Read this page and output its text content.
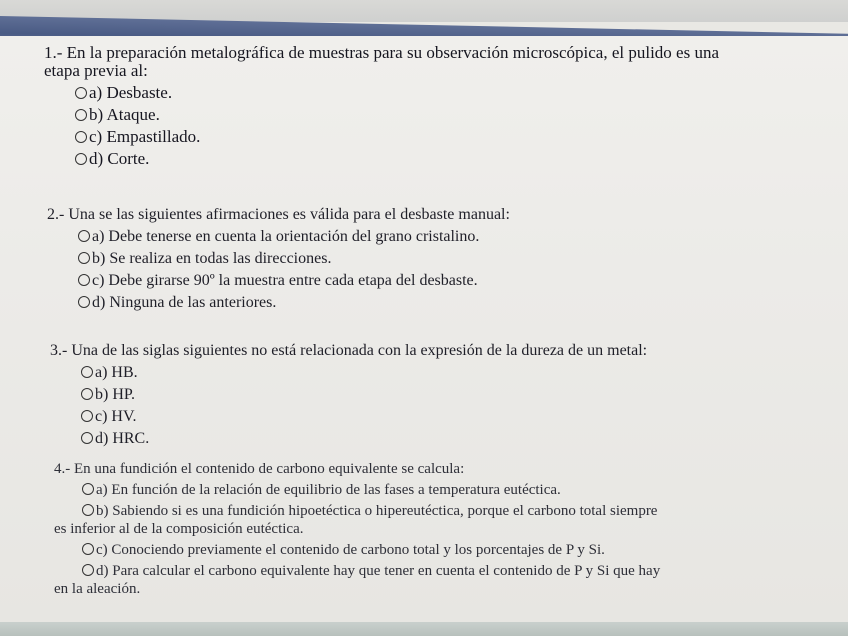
1.- En la preparación metalográfica de muestras para su observación microscópica, el pulido es una
etapa previa al:
a) Desbaste.
b) Ataque.
c) Empastillado.
d) Corte.
2.- Una se las siguientes afirmaciones es válida para el desbaste manual:
a) Debe tenerse en cuenta la orientación del grano cristalino.
b) Se realiza en todas las direcciones.
c) Debe girarse 90º la muestra entre cada etapa del desbaste.
d) Ninguna de las anteriores.
3.- Una de las siglas siguientes no está relacionada con la expresión de la dureza de un metal:
a) HB.
b) HP.
c) HV.
d) HRC.
4.- En una fundición el contenido de carbono equivalente se calcula:
a) En función de la relación de equilibrio de las fases a temperatura eutéctica.
b) Sabiendo si es una fundición hipoetéctica o hipereutéctica, porque el carbono total siempre
es inferior al de la composición eutéctica.
c) Conociendo previamente el contenido de carbono total y los porcentajes de P y Si.
d) Para calcular el carbono equivalente hay que tener en cuenta el contenido de P y Si que hay
en la aleación.
